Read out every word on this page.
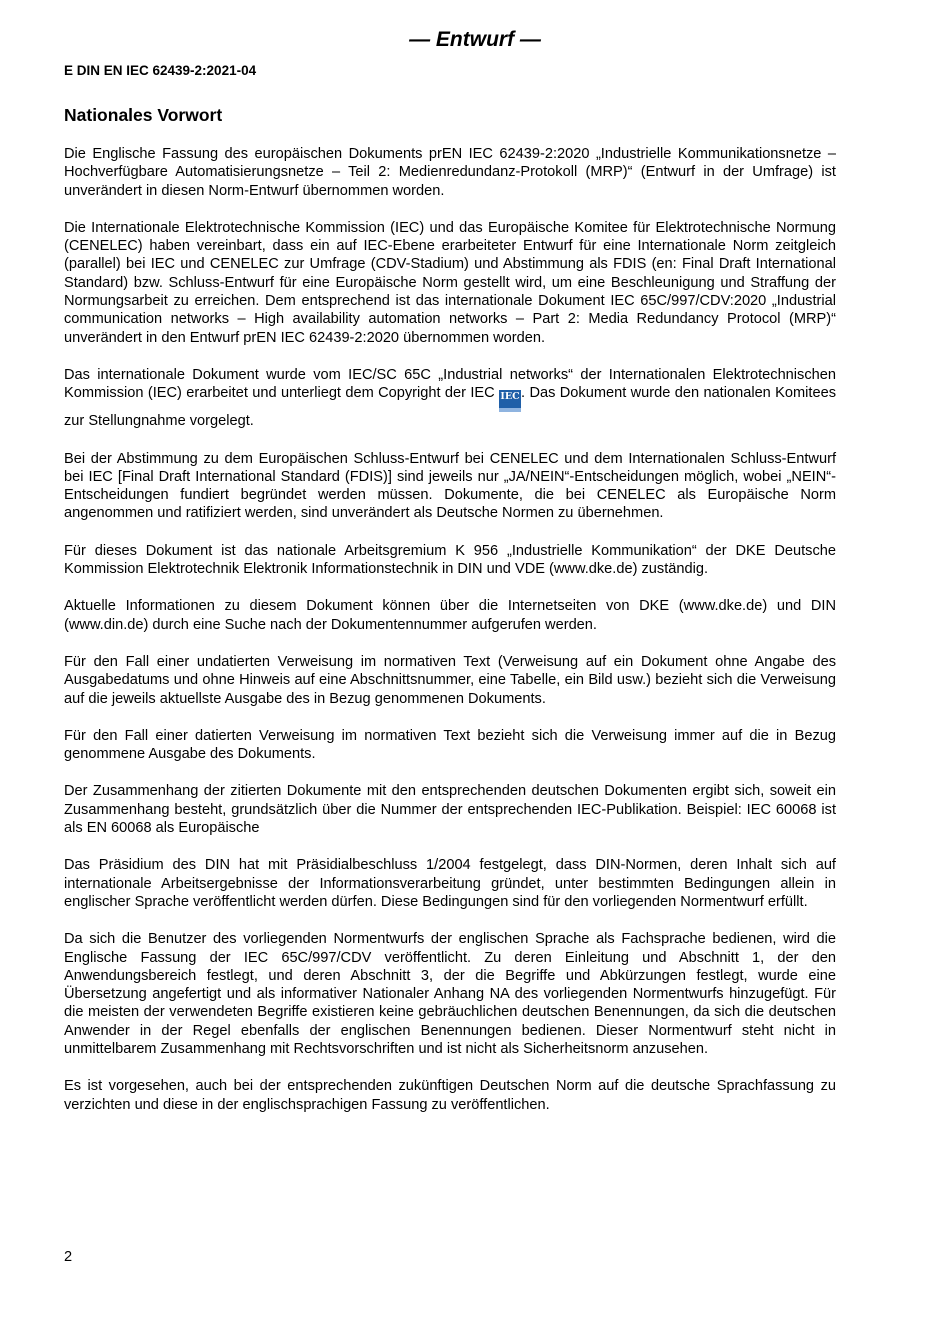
— Entwurf —
E DIN EN IEC 62439-2:2021-04
Nationales Vorwort

Die Englische Fassung des europäischen Dokuments prEN IEC 62439-2:2020 „Industrielle Kommunikationsnetze – Hochverfügbare Automatisierungsnetze – Teil 2: Medienredundanz-Protokoll (MRP)“ (Entwurf in der Umfrage) ist unverändert in diesen Norm-Entwurf übernommen worden.

Die Internationale Elektrotechnische Kommission (IEC) und das Europäische Komitee für Elektrotechnische Normung (CENELEC) haben vereinbart, dass ein auf IEC-Ebene erarbeiteter Entwurf für eine Internationale Norm zeitgleich (parallel) bei IEC und CENELEC zur Umfrage (CDV-Stadium) und Abstimmung als FDIS (en: Final Draft International Standard) bzw. Schluss-Entwurf für eine Europäische Norm gestellt wird, um eine Beschleunigung und Straffung der Normungsarbeit zu erreichen. Dem entsprechend ist das internationale Dokument IEC 65C/997/CDV:2020 „Industrial communication networks – High availability automation networks – Part 2: Media Redundancy Protocol (MRP)“ unverändert in den Entwurf prEN IEC 62439-2:2020 übernommen worden.

Das internationale Dokument wurde vom IEC/SC 65C „Industrial networks“ der Internationalen Elektrotechnischen Kommission (IEC) erarbeitet und unterliegt dem Copyright der IEC IEC. Das Dokument wurde den nationalen Komitees zur Stellungnahme vorgelegt.

Bei der Abstimmung zu dem Europäischen Schluss-Entwurf bei CENELEC und dem Internationalen Schluss-Entwurf bei IEC [Final Draft International Standard (FDIS)] sind jeweils nur „JA/NEIN“-Entscheidungen möglich, wobei „NEIN“-Entscheidungen fundiert begründet werden müssen. Dokumente, die bei CENELEC als Europäische Norm angenommen und ratifiziert werden, sind unverändert als Deutsche Normen zu übernehmen.

Für dieses Dokument ist das nationale Arbeitsgremium K 956 „Industrielle Kommunikation“ der DKE Deutsche Kommission Elektrotechnik Elektronik Informationstechnik in DIN und VDE (www.dke.de) zuständig.

Aktuelle Informationen zu diesem Dokument können über die Internetseiten von DKE (www.dke.de) und DIN (www.din.de) durch eine Suche nach der Dokumentennummer aufgerufen werden.

Für den Fall einer undatierten Verweisung im normativen Text (Verweisung auf ein Dokument ohne Angabe des Ausgabedatums und ohne Hinweis auf eine Abschnittsnummer, eine Tabelle, ein Bild usw.) bezieht sich die Verweisung auf die jeweils aktuellste Ausgabe des in Bezug genommenen Dokuments.

Für den Fall einer datierten Verweisung im normativen Text bezieht sich die Verweisung immer auf die in Bezug genommene Ausgabe des Dokuments.

Der Zusammenhang der zitierten Dokumente mit den entsprechenden deutschen Dokumenten ergibt sich, soweit ein Zusammenhang besteht, grundsätzlich über die Nummer der entsprechenden IEC-Publikation. Beispiel: IEC 60068 ist als EN 60068 als Europäische

Das Präsidium des DIN hat mit Präsidialbeschluss 1/2004 festgelegt, dass DIN-Normen, deren Inhalt sich auf internationale Arbeitsergebnisse der Informationsverarbeitung gründet, unter bestimmten Bedingungen allein in englischer Sprache veröffentlicht werden dürfen. Diese Bedingungen sind für den vorliegenden Normentwurf erfüllt.

Da sich die Benutzer des vorliegenden Normentwurfs der englischen Sprache als Fachsprache bedienen, wird die Englische Fassung der IEC 65C/997/CDV veröffentlicht. Zu deren Einleitung und Abschnitt 1, der den Anwendungsbereich festlegt, und deren Abschnitt 3, der die Begriffe und Abkürzungen festlegt, wurde eine Übersetzung angefertigt und als informativer Nationaler Anhang NA des vorliegenden Normentwurfs hinzugefügt. Für die meisten der verwendeten Begriffe existieren keine gebräuchlichen deutschen Benennungen, da sich die deutschen Anwender in der Regel ebenfalls der englischen Benennungen bedienen. Dieser Normentwurf steht nicht in unmittelbarem Zusammenhang mit Rechtsvorschriften und ist nicht als Sicherheitsnorm anzusehen.

Es ist vorgesehen, auch bei der entsprechenden zukünftigen Deutschen Norm auf die deutsche Sprachfassung zu verzichten und diese in der englischsprachigen Fassung zu veröffentlichen.

2
